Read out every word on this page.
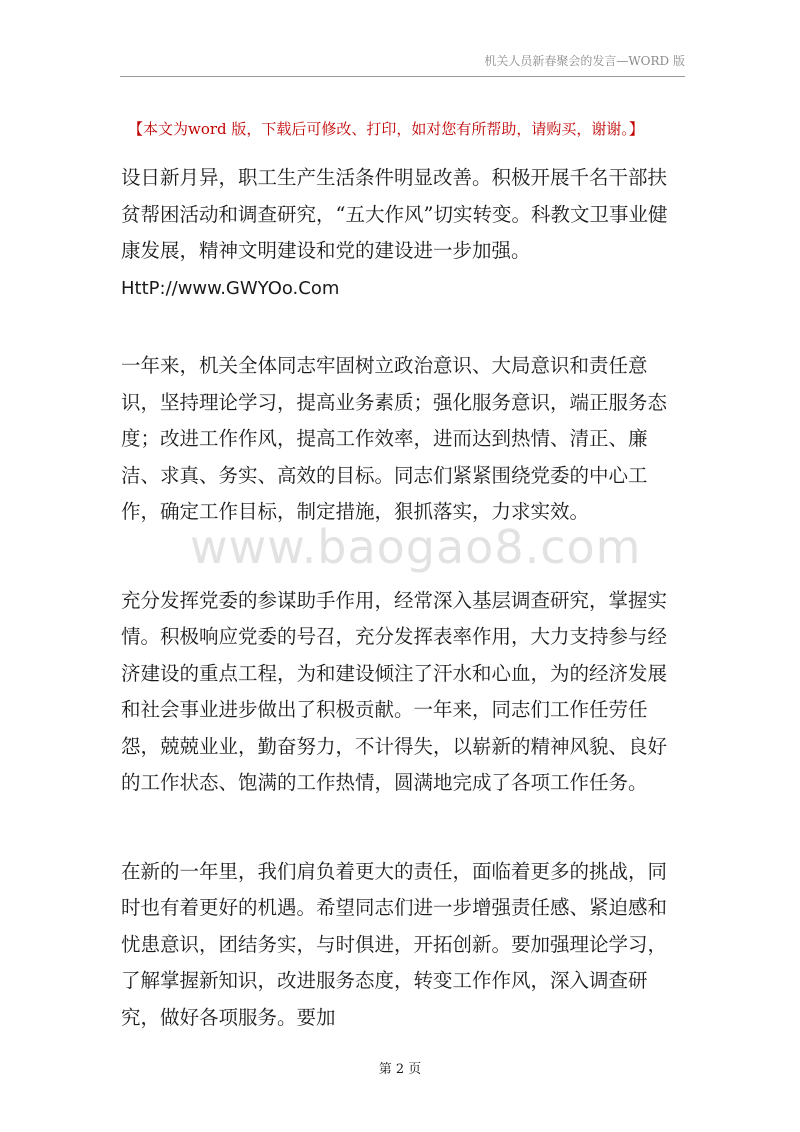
机关人员新春聚会的发言—WORD 版
【本文为word 版，下载后可修改、打印，如对您有所帮助，请购买，谢谢。】
www.baogao8.com

设日新月异，职工生产生活条件明显改善。积极开展千名干部扶贫帮困活动和调查研究，“五大作风”切实转变。科教文卫事业健康发展，精神文明建设和党的建设进一步加强。HttP://www.GWYOo.Com

一年来，机关全体同志牢固树立政治意识、大局意识和责任意识，坚持理论学习，提高业务素质；强化服务意识，端正服务态度；改进工作作风，提高工作效率，进而达到热情、清正、廉洁、求真、务实、高效的目标。同志们紧紧围绕党委的中心工作，确定工作目标，制定措施，狠抓落实，力求实效。

充分发挥党委的参谋助手作用，经常深入基层调查研究，掌握实情。积极响应党委的号召，充分发挥表率作用，大力支持参与经济建设的重点工程，为和建设倾注了汗水和心血，为的经济发展和社会事业进步做出了积极贡献。一年来，同志们工作任劳任怨，兢兢业业，勤奋努力，不计得失，以崭新的精神风貌、良好的工作状态、饱满的工作热情，圆满地完成了各项工作任务。

在新的一年里，我们肩负着更大的责任，面临着更多的挑战，同时也有着更好的机遇。希望同志们进一步增强责任感、紧迫感和忧患意识，团结务实，与时俱进，开拓创新。要加强理论学习，了解掌握新知识，改进服务态度，转变工作作风，深入调查研究，做好各项服务。要加

第 2 页
